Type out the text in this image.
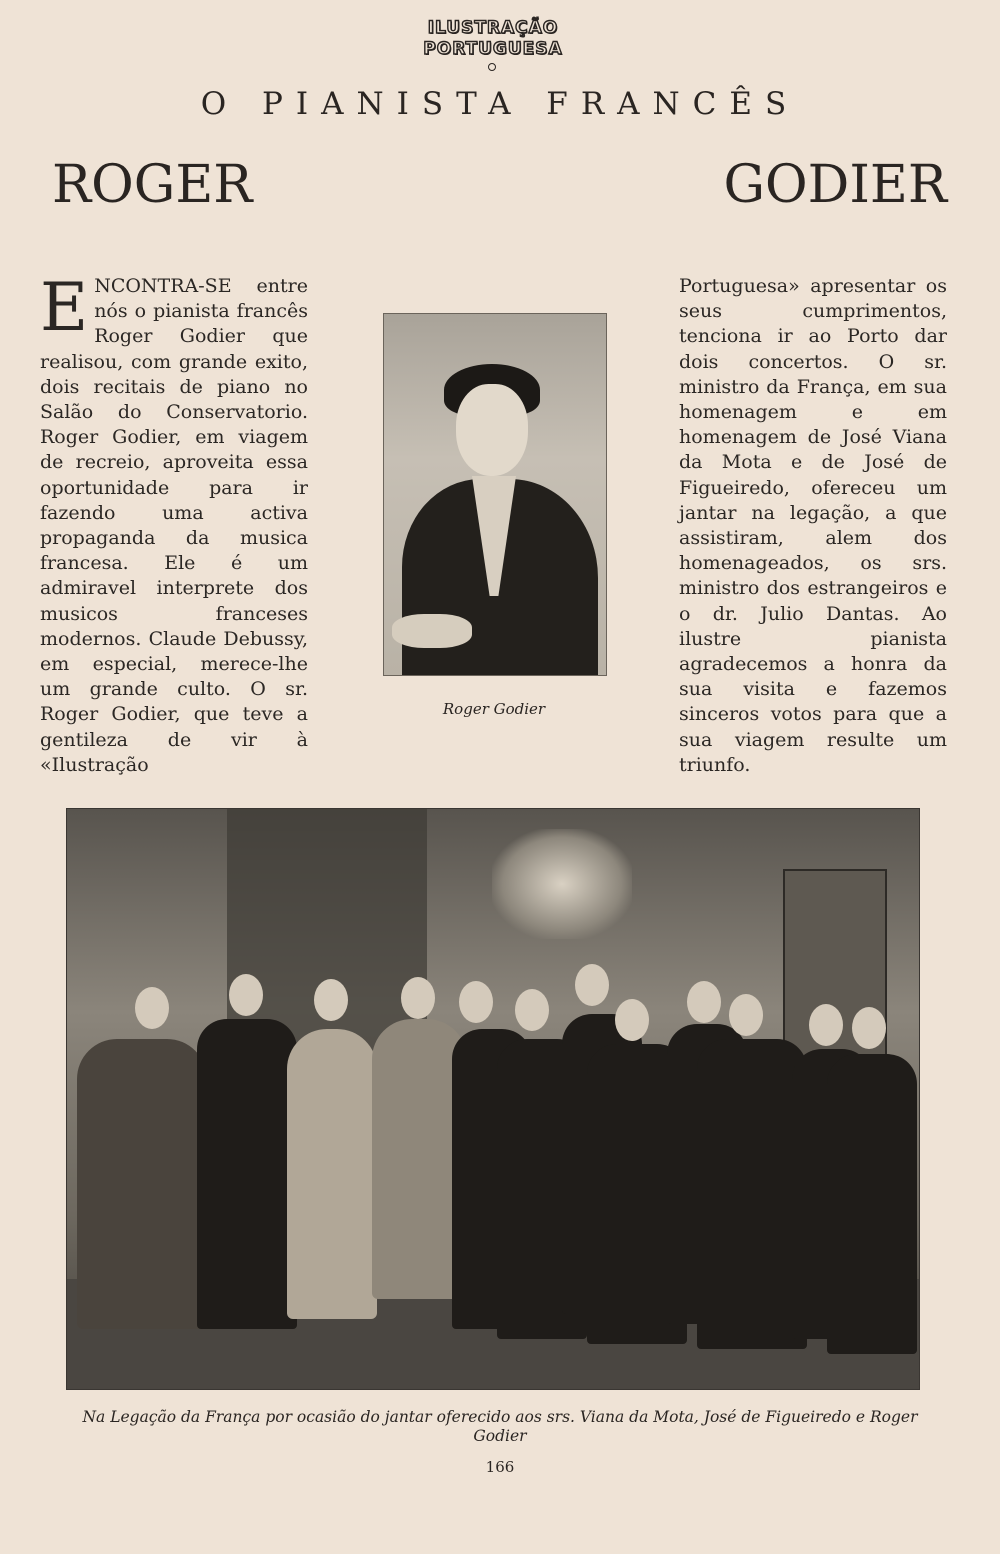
ILUSTRAÇÃO
PORTUGUESA
O PIANISTA FRANCÊS
ROGER	GODIER
E NCONTRA-SE entre nós o pianista francês Roger Godier que realisou, com grande exito, dois recitais de piano no Salão do Conservatorio. Roger Godier, em viagem de recreio, aproveita essa oportunidade para ir fazendo uma activa propaganda da musica francesa. Ele é um admiravel interprete dos musicos franceses modernos. Claude Debussy, em especial, merece-lhe um grande culto. O sr. Roger Godier, que teve a gentileza de vir à «Ilustração
Roger Godier
Portuguesa» apresentar os seus cumprimentos, tenciona ir ao Porto dar dois concertos. O sr. ministro da França, em sua homenagem e em homenagem de José Viana da Mota e de José de Figueiredo, ofereceu um jantar na legação, a que assistiram, alem dos homenageados, os srs. ministro dos estrangeiros e o dr. Julio Dantas. Ao ilustre pianista agradecemos a honra da sua visita e fazemos sinceros votos para que a sua viagem resulte um triunfo.
Na Legação da França por ocasião do jantar oferecido aos srs. Viana da Mota, José de Figueiredo e Roger Godier
166
